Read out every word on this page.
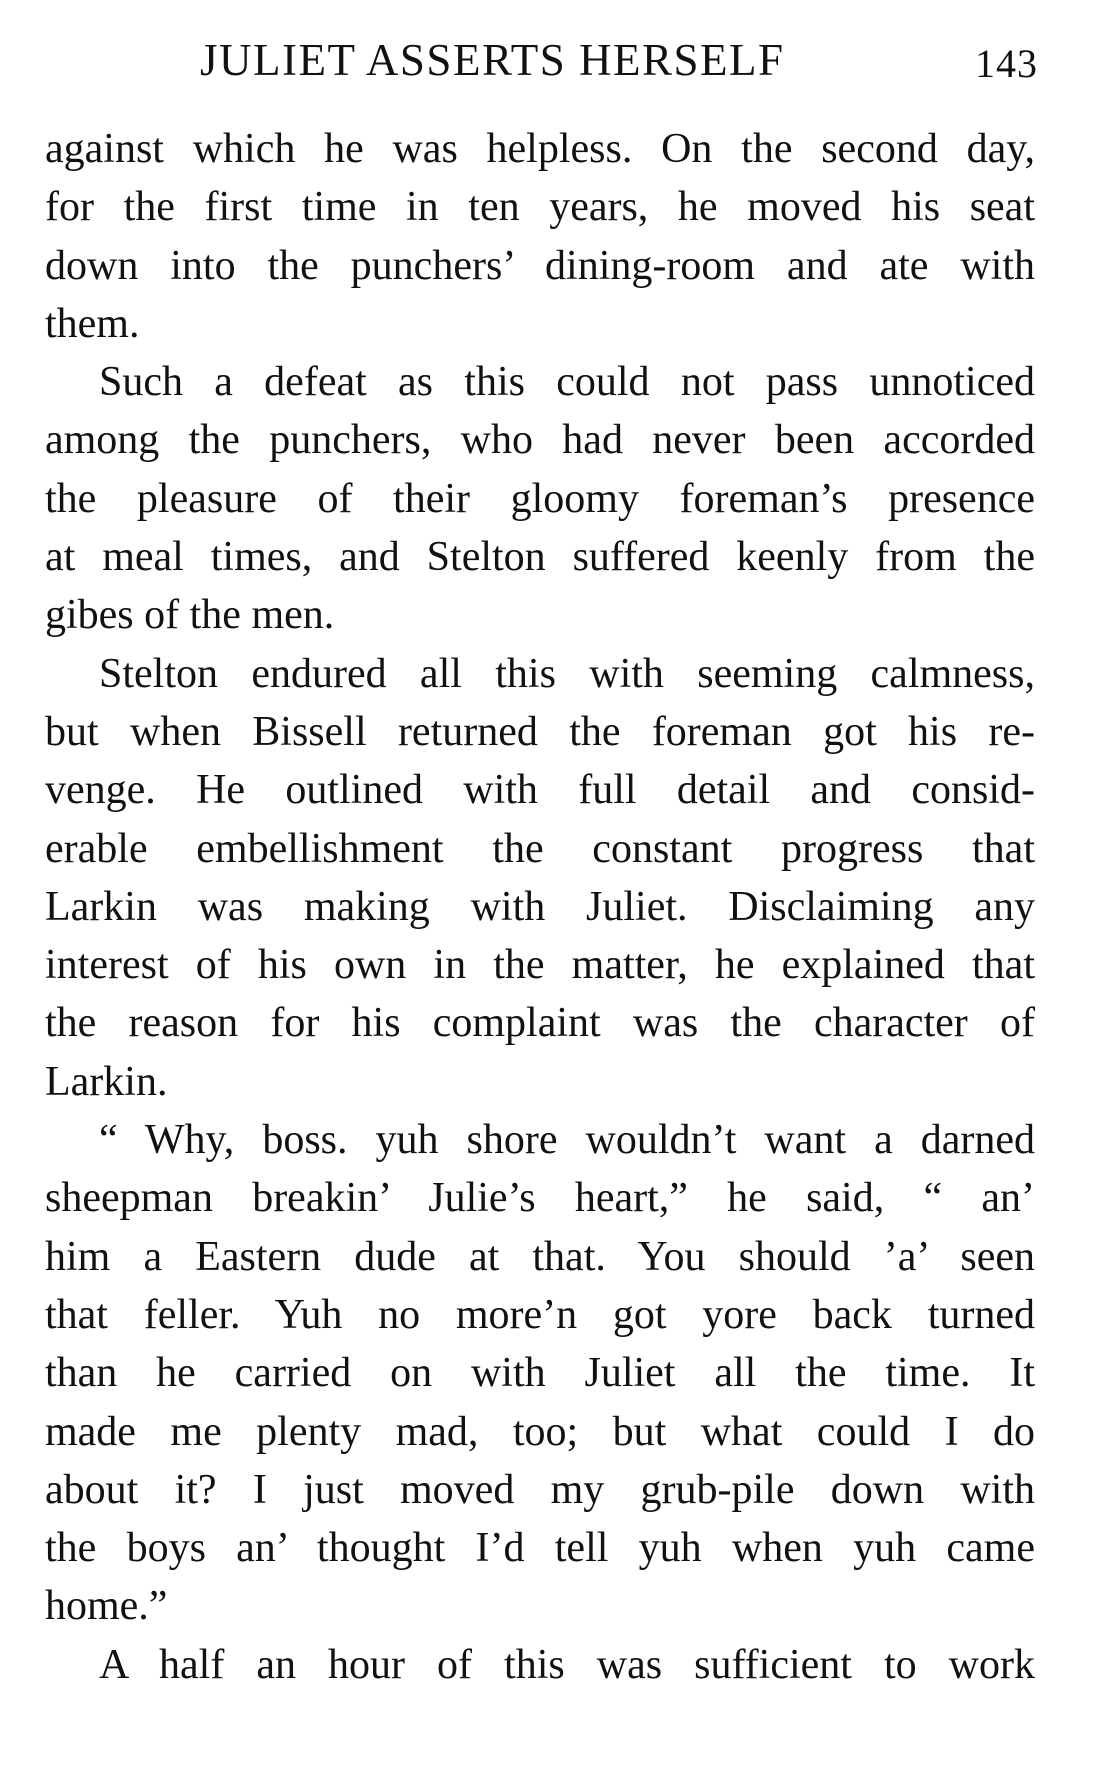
JULIET ASSERTS HERSELF	143
against which he was helpless. On the second day,
for the first time in ten years, he moved his seat
down into the punchers’ dining-room and ate with
them.
Such a defeat as this could not pass unnoticed
among the punchers, who had never been accorded
the pleasure of their gloomy foreman’s presence
at meal times, and Stelton suffered keenly from the
gibes of the men.
Stelton endured all this with seeming calmness,
but when Bissell returned the foreman got his re-
venge. He outlined with full detail and consid-
erable embellishment the constant progress that
Larkin was making with Juliet. Disclaiming any
interest of his own in the matter, he explained that
the reason for his complaint was the character of
Larkin.
“ Why, boss. yuh shore wouldn’t want a darned
sheepman breakin’ Julie’s heart,” he said, “ an’
him a Eastern dude at that. You should ’a’ seen
that feller. Yuh no more’n got yore back turned
than he carried on with Juliet all the time. It
made me plenty mad, too; but what could I do
about it? I just moved my grub-pile down with
the boys an’ thought I’d tell yuh when yuh came
home.”
A half an hour of this was sufficient to work
